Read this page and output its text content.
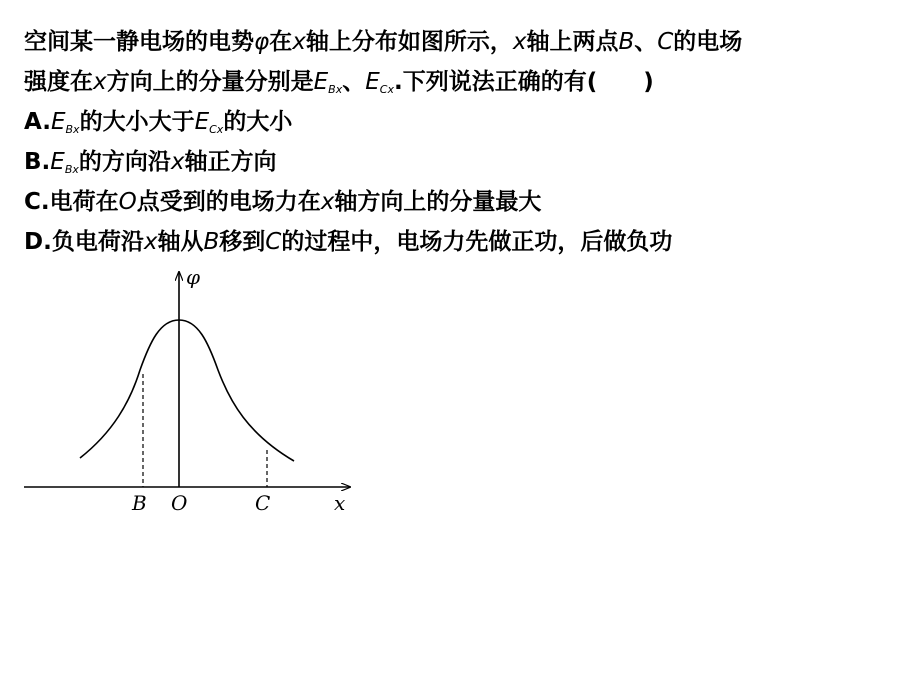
空间某一静电场的电势φ在x轴上分布如图所示，x轴上两点B、C的电场
强度在x方向上的分量分别是$E_{Bx}$、$E_{Cx}$.下列说法正确的有( )
$A.E_{Bx}$的大小大于$E_{Cx}$的大小
$B.E_{Bx}$的方向沿x轴正方向
C.电荷在O点受到的电场力在x轴方向上的分量最大
D.负电荷沿x轴从B移到C的过程中，电场力先做正功，后做负功
φ
x
B O	C
